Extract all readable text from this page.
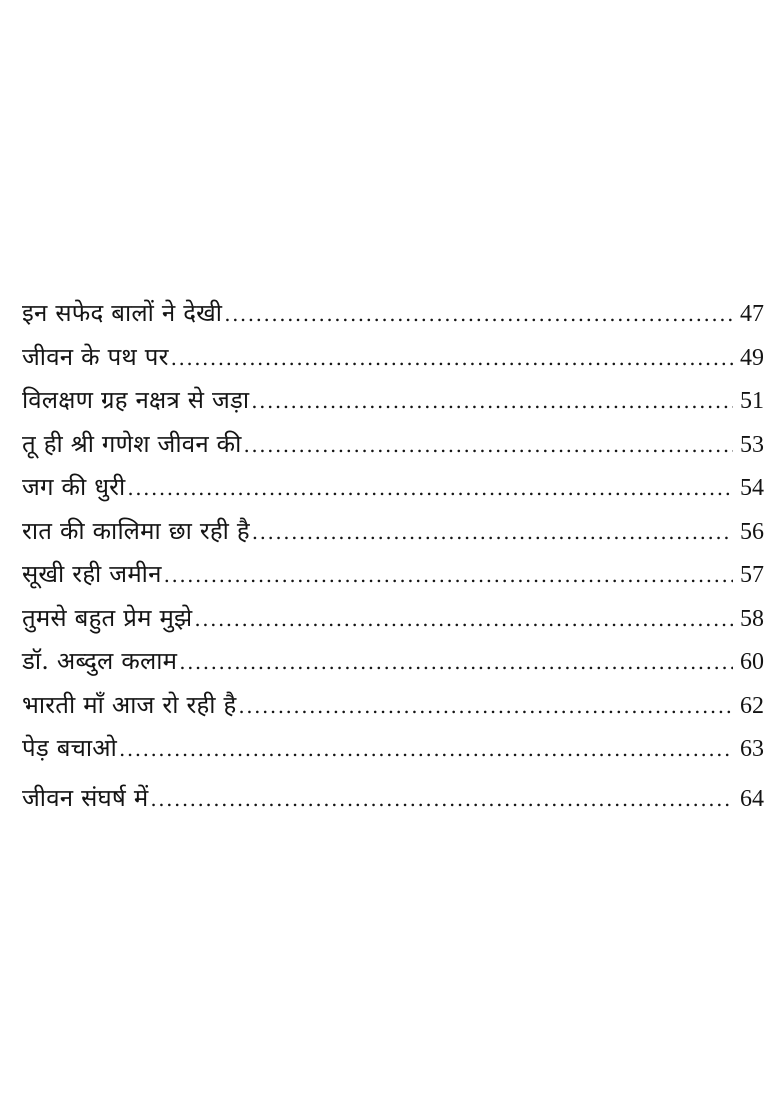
इन सफेद बालों ने देखी .....	47
जीवन के पथ पर .....	49
विलक्षण ग्रह नक्षत्र से जड़ा .....	51
तू ही श्री गणेश जीवन की .....	53
जग की धुरी .....	54
रात की कालिमा छा रही है .....	56
सूखी रही जमीन .....	57
तुमसे बहुत प्रेम मुझे .....	58
डॉ. अब्दुल कलाम .....	60
भारती माँ आज रो रही है .....	62
पेड़ बचाओ .....	63
जीवन संघर्ष में .....	64
